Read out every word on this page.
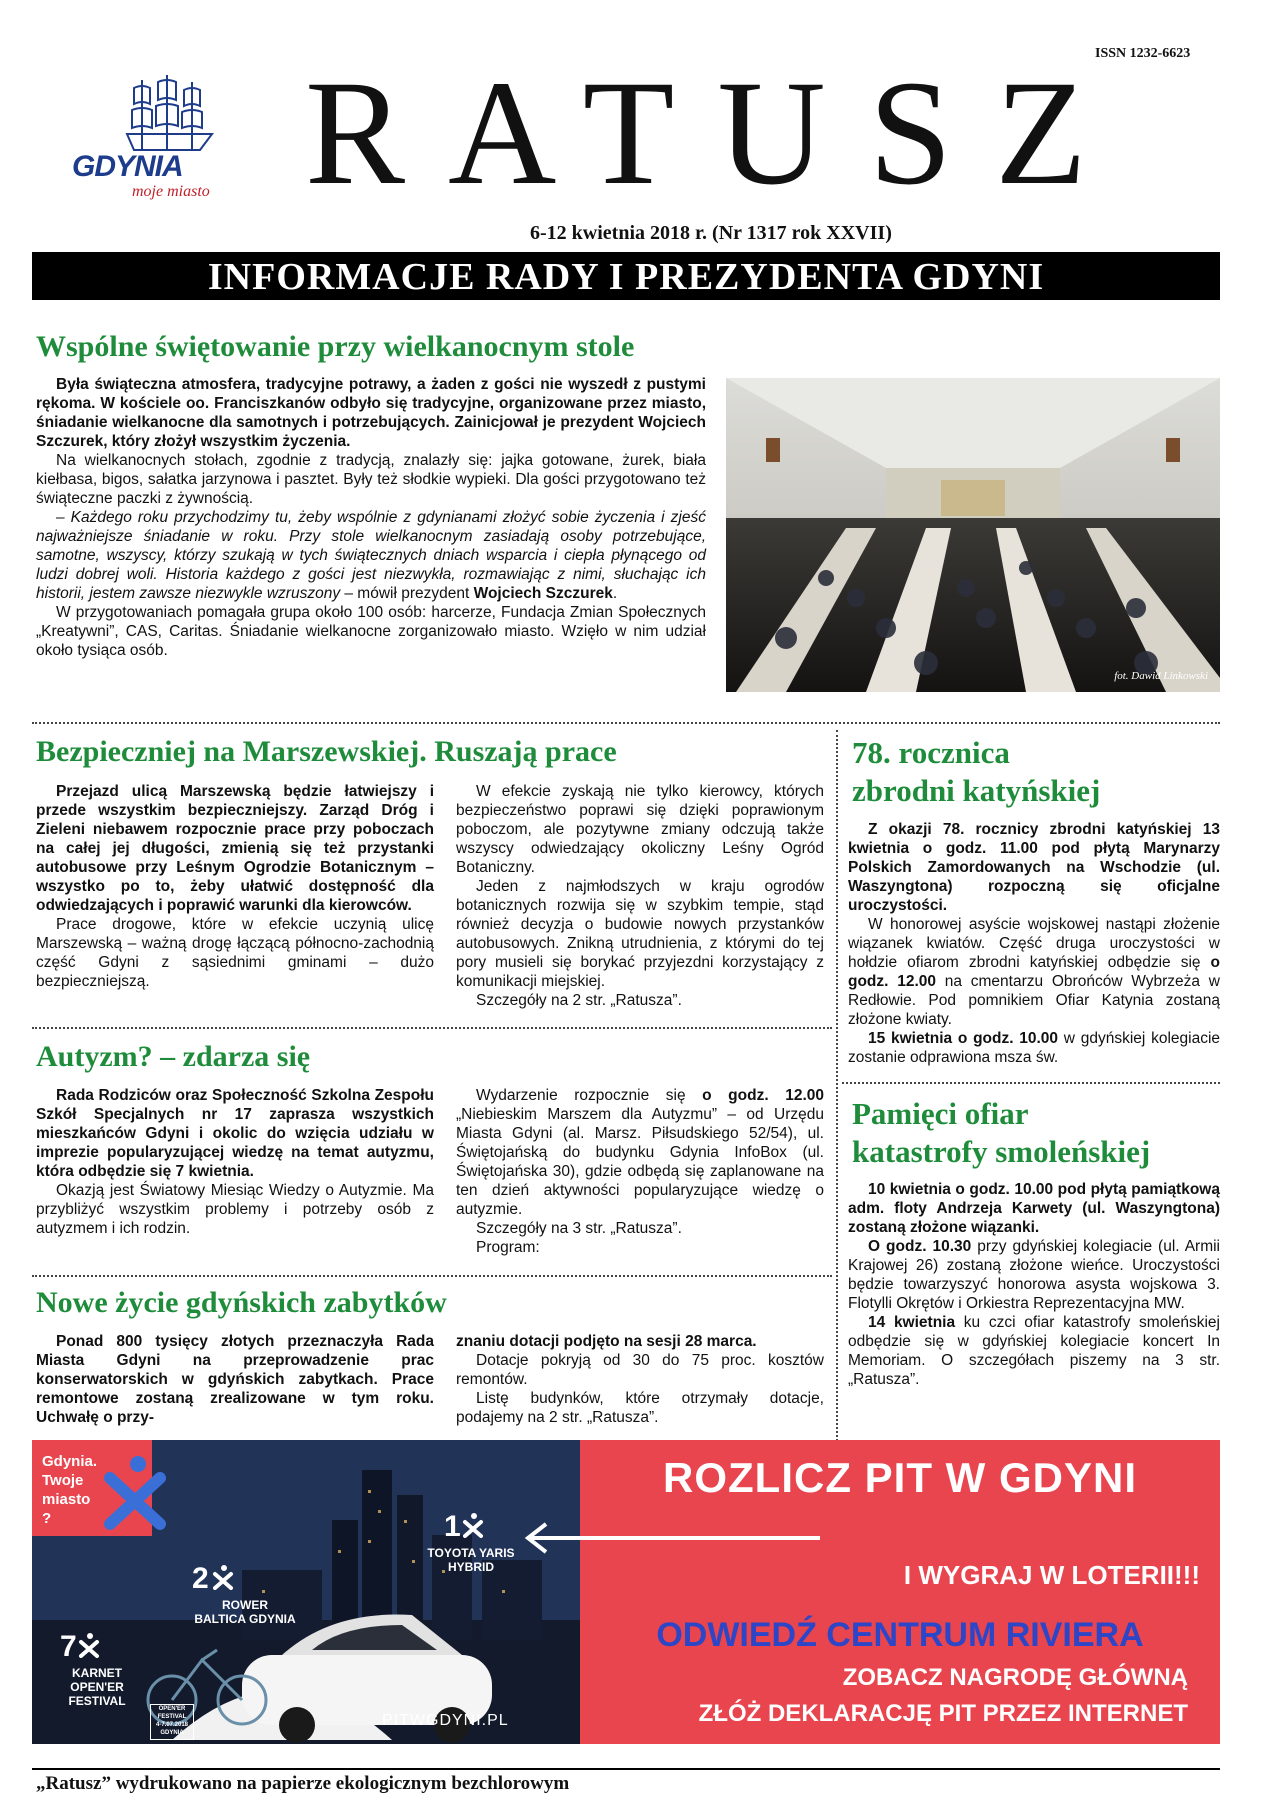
ISSN 1232-6623
GDYNIA
moje miasto RATUSZ
6-12 kwietnia 2018 r. (Nr 1317 rok XXVII)
INFORMACJE RADY I PREZYDENTA GDYNI
Wspólne świętowanie przy wielkanocnym stole

Była świąteczna atmosfera, tradycyjne potrawy, a żaden z gości nie wyszedł z pustymi rękoma. W kościele oo. Franciszkanów odbyło się tradycyjne, organizowane przez miasto, śniadanie wielkanocne dla samotnych i potrzebujących. Zainicjował je prezydent Wojciech Szczurek, który złożył wszystkim życzenia.

Na wielkanocnych stołach, zgodnie z tradycją, znalazły się: jajka gotowane, żurek, biała kiełbasa, bigos, sałatka jarzynowa i pasztet. Były też słodkie wypieki. Dla gości przygotowano też świąteczne paczki z żywnością.

– Każdego roku przychodzimy tu, żeby wspólnie z gdynianami złożyć sobie życzenia i zjeść najważniejsze śniadanie w roku. Przy stole wielkanocnym zasiadają osoby potrzebujące, samotne, wszyscy, którzy szukają w tych świątecznych dniach wsparcia i ciepła płynącego od ludzi dobrej woli. Historia każdego z gości jest niezwykła, rozmawiając z nimi, słuchając ich historii, jestem zawsze niezwykle wzruszony – mówił prezydent Wojciech Szczurek.

W przygotowaniach pomagała grupa około 100 osób: harcerze, Fundacja Zmian Społecznych „Kreatywni”, CAS, Caritas. Śniadanie wielkanocne zorganizowało miasto. Wzięło w nim udział około tysiąca osób.

fot. Dawid Linkowski
Bezpieczniej na Marszewskiej. Ruszają prace

Przejazd ulicą Marszewską będzie łatwiejszy i przede wszystkim bezpieczniejszy. Zarząd Dróg i Zieleni niebawem rozpocznie prace przy poboczach na całej jej długości, zmienią się też przystanki autobusowe przy Leśnym Ogrodzie Botanicznym – wszystko po to, żeby ułatwić dostępność dla odwiedzających i poprawić warunki dla kierowców.

Prace drogowe, które w efekcie uczynią ulicę Marszewską – ważną drogę łączącą północno-zachodnią część Gdyni z sąsiednimi gminami – dużo bezpieczniejszą.

W efekcie zyskają nie tylko kierowcy, których bezpieczeństwo poprawi się dzięki poprawionym poboczom, ale pozytywne zmiany odczują także wszyscy odwiedzający okoliczny Leśny Ogród Botaniczny.

Jeden z najmłodszych w kraju ogrodów botanicznych rozwija się w szybkim tempie, stąd również decyzja o budowie nowych przystanków autobusowych. Znikną utrudnienia, z którymi do tej pory musieli się borykać przyjezdni korzystający z komunikacji miejskiej.

Szczegóły na 2 str. „Ratusza”.

78. rocznica
zbrodni katyńskiej

Z okazji 78. rocznicy zbrodni katyńskiej 13 kwietnia o godz. 11.00 pod płytą Marynarzy Polskich Zamordowanych na Wschodzie (ul. Waszyngtona) rozpoczną się oficjalne uroczystości.

W honorowej asyście wojskowej nastąpi złożenie wiązanek kwiatów. Część druga uroczystości w hołdzie ofiarom zbrodni katyńskiej odbędzie się o godz. 12.00 na cmentarzu Obrońców Wybrzeża w Redłowie. Pod pomnikiem Ofiar Katynia zostaną złożone kwiaty.

15 kwietnia o godz. 10.00 w gdyńskiej kolegiacie zostanie odprawiona msza św.

Autyzm? – zdarza się

Rada Rodziców oraz Społeczność Szkolna Zespołu Szkół Specjalnych nr 17 zaprasza wszystkich mieszkańców Gdyni i okolic do wzięcia udziału w imprezie popularyzującej wiedzę na temat autyzmu, która odbędzie się 7 kwietnia.

Okazją jest Światowy Miesiąc Wiedzy o Autyzmie. Ma przybliżyć wszystkim problemy i potrzeby osób z autyzmem i ich rodzin.

Wydarzenie rozpocznie się o godz. 12.00 „Niebieskim Marszem dla Autyzmu” – od Urzędu Miasta Gdyni (al. Marsz. Piłsudskiego 52/54), ul. Świętojańską do budynku Gdynia InfoBox (ul. Świętojańska 30), gdzie odbędą się zaplanowane na ten dzień aktywności popularyzujące wiedzę o autyzmie.

Szczegóły na 3 str. „Ratusza”.

Program:

Pamięci ofiar
katastrofy smoleńskiej

10 kwietnia o godz. 10.00 pod płytą pamiątkową adm. floty Andrzeja Karwety (ul. Waszyngtona) zostaną złożone wiązanki.

O godz. 10.30 przy gdyńskiej kolegiacie (ul. Armii Krajowej 26) zostaną złożone wieńce. Uroczystości będzie towarzyszyć honorowa asysta wojskowa 3. Flotylli Okrętów i Orkiestra Reprezentacyjna MW.

14 kwietnia ku czci ofiar katastrofy smoleńskiej odbędzie się w gdyńskiej kolegiacie koncert In Memoriam. O szczegółach piszemy na 3 str. „Ratusza”.

Nowe życie gdyńskich zabytków

Ponad 800 tysięcy złotych przeznaczyła Rada Miasta Gdyni na przeprowadzenie prac konserwatorskich w gdyńskich zabytkach. Prace remontowe zostaną zrealizowane w tym roku. Uchwałę o przy-

znaniu dotacji podjęto na sesji 28 marca.

Dotacje pokryją od 30 do 75 proc. kosztów remontów.

Listę budynków, które otrzymały dotacje, podajemy na 2 str. „Ratusza”.

Gdynia.
Twoje
miasto
?
2
ROWER
BALTICA GDYNIA
1
TOYOTA YARIS
HYBRID
7
KARNET
OPEN'ER FESTIVAL
OPEN'ER
FESTIVAL
4-7.07.2018
GDYNIA
PITWGDYNI.PL
ROZLICZ PIT W GDYNI
I WYGRAJ W LOTERII!!!
ODWIEDŹ CENTRUM RIVIERA
ZOBACZ NAGRODĘ GŁÓWNĄ
ZŁÓŻ DEKLARACJĘ PIT PRZEZ INTERNET
„Ratusz” wydrukowano na papierze ekologicznym bezchlorowym
